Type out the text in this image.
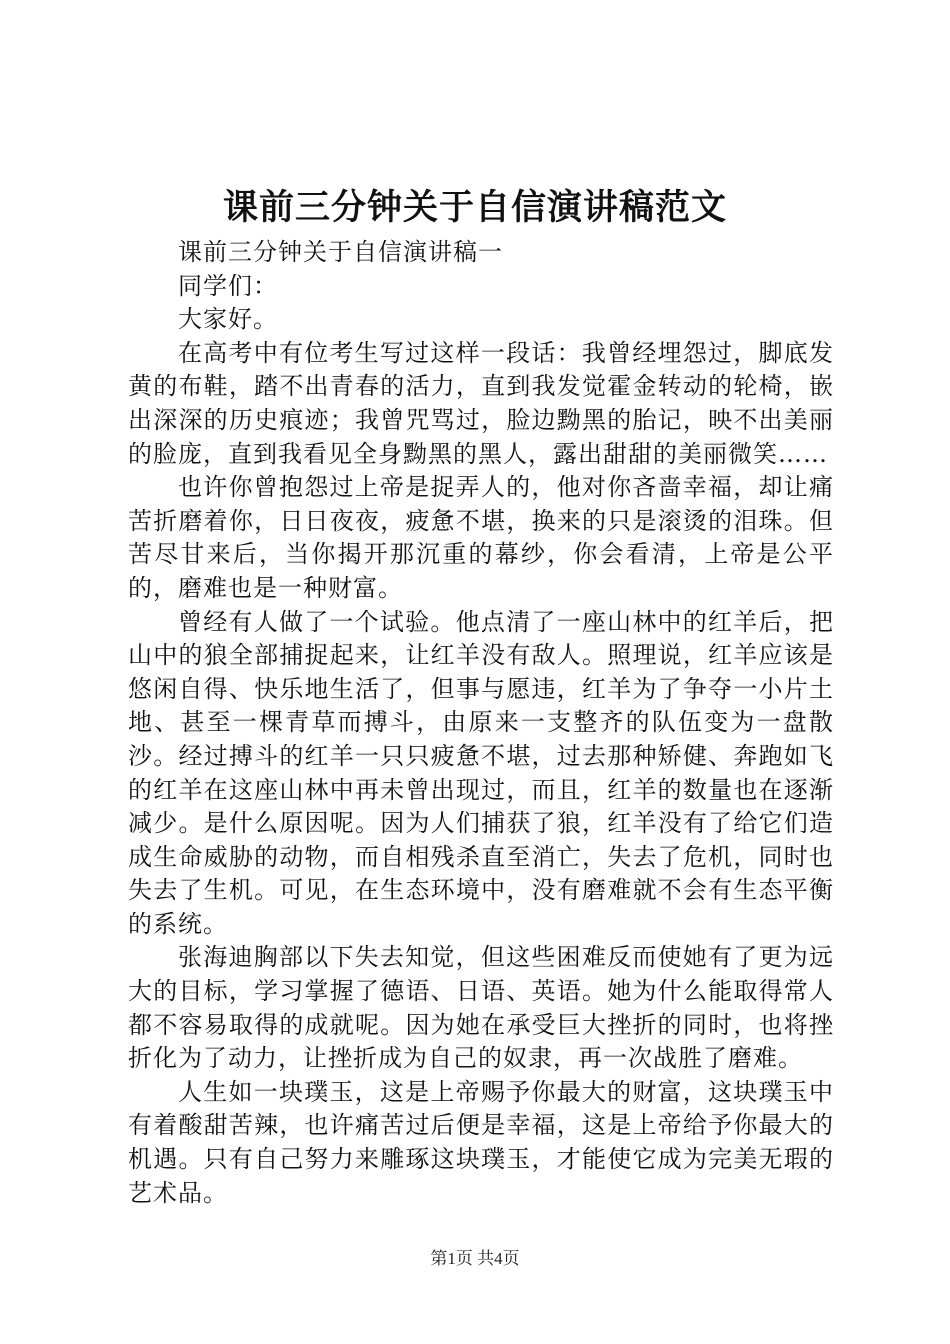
课前三分钟关于自信演讲稿范文

课前三分钟关于自信演讲稿一

同学们：

大家好。

在高考中有位考生写过这样一段话：我曾经埋怨过，脚底发黄的布鞋，踏不出青春的活力，直到我发觉霍金转动的轮椅，嵌出深深的历史痕迹；我曾咒骂过，脸边黝黑的胎记，映不出美丽的脸庞，直到我看见全身黝黑的黑人，露出甜甜的美丽微笑……

也许你曾抱怨过上帝是捉弄人的，他对你吝啬幸福，却让痛苦折磨着你，日日夜夜，疲惫不堪，换来的只是滚烫的泪珠。但苦尽甘来后，当你揭开那沉重的幕纱，你会看清，上帝是公平的，磨难也是一种财富。

曾经有人做了一个试验。他点清了一座山林中的红羊后，把山中的狼全部捕捉起来，让红羊没有敌人。照理说，红羊应该是悠闲自得、快乐地生活了，但事与愿违，红羊为了争夺一小片土地、甚至一棵青草而搏斗，由原来一支整齐的队伍变为一盘散沙。经过搏斗的红羊一只只疲惫不堪，过去那种矫健、奔跑如飞的红羊在这座山林中再未曾出现过，而且，红羊的数量也在逐渐减少。是什么原因呢。因为人们捕获了狼，红羊没有了给它们造成生命威胁的动物，而自相残杀直至消亡，失去了危机，同时也失去了生机。可见，在生态环境中，没有磨难就不会有生态平衡的系统。

张海迪胸部以下失去知觉，但这些困难反而使她有了更为远大的目标，学习掌握了德语、日语、英语。她为什么能取得常人都不容易取得的成就呢。因为她在承受巨大挫折的同时，也将挫折化为了动力，让挫折成为自己的奴隶，再一次战胜了磨难。

人生如一块璞玉，这是上帝赐予你最大的财富，这块璞玉中有着酸甜苦辣，也许痛苦过后便是幸福，这是上帝给予你最大的机遇。只有自己努力来雕琢这块璞玉，才能使它成为完美无瑕的艺术品。

第1页 共4页
